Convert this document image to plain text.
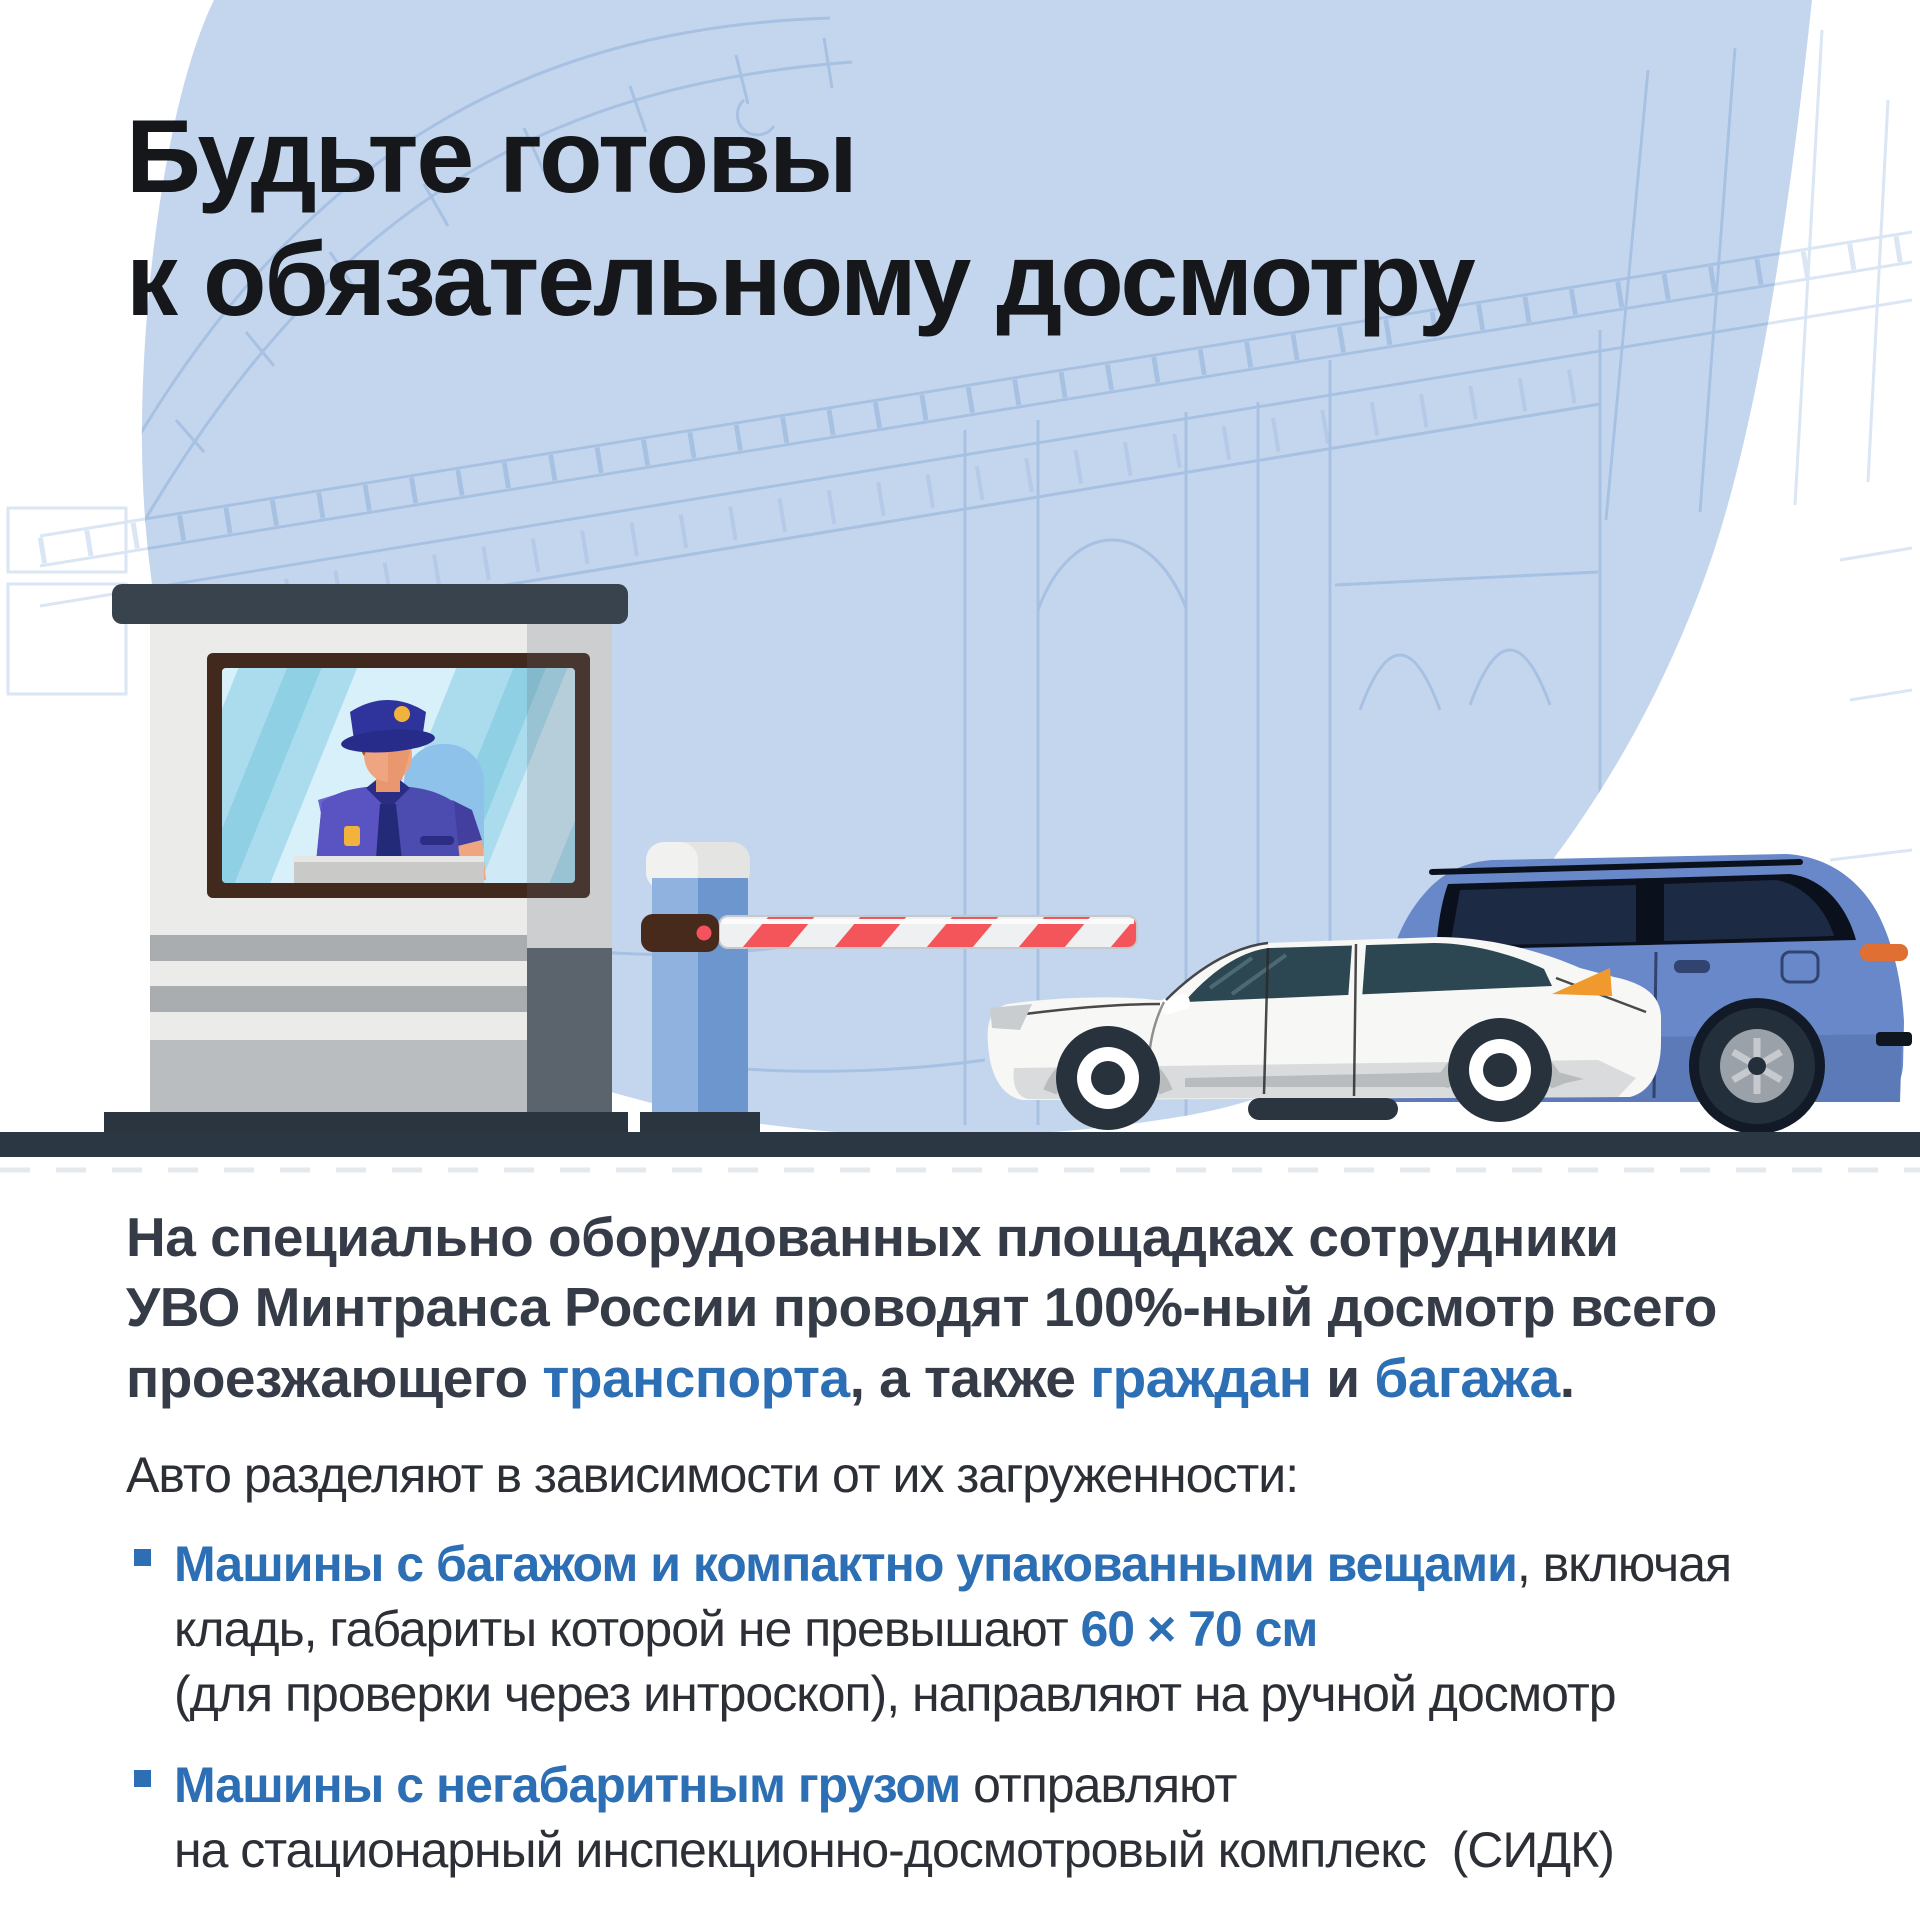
Будьте готовы
к обязательному досмотру

На специально оборудованных площадках сотрудники
УВО Минтранса России проводят 100%-ный досмотр всего
проезжающего транспорта, а также граждан и багажа.

Авто разделяют в зависимости от их загруженности:

Машины с багажом и компактно упакованными вещами, включая
кладь, габариты которой не превышают 60 × 70 см
(для проверки через интроскоп), направляют на ручной досмотр
Машины с негабаритным грузом отправляют
на стационарный инспекционно-досмотровый комплекс  (СИДК)
